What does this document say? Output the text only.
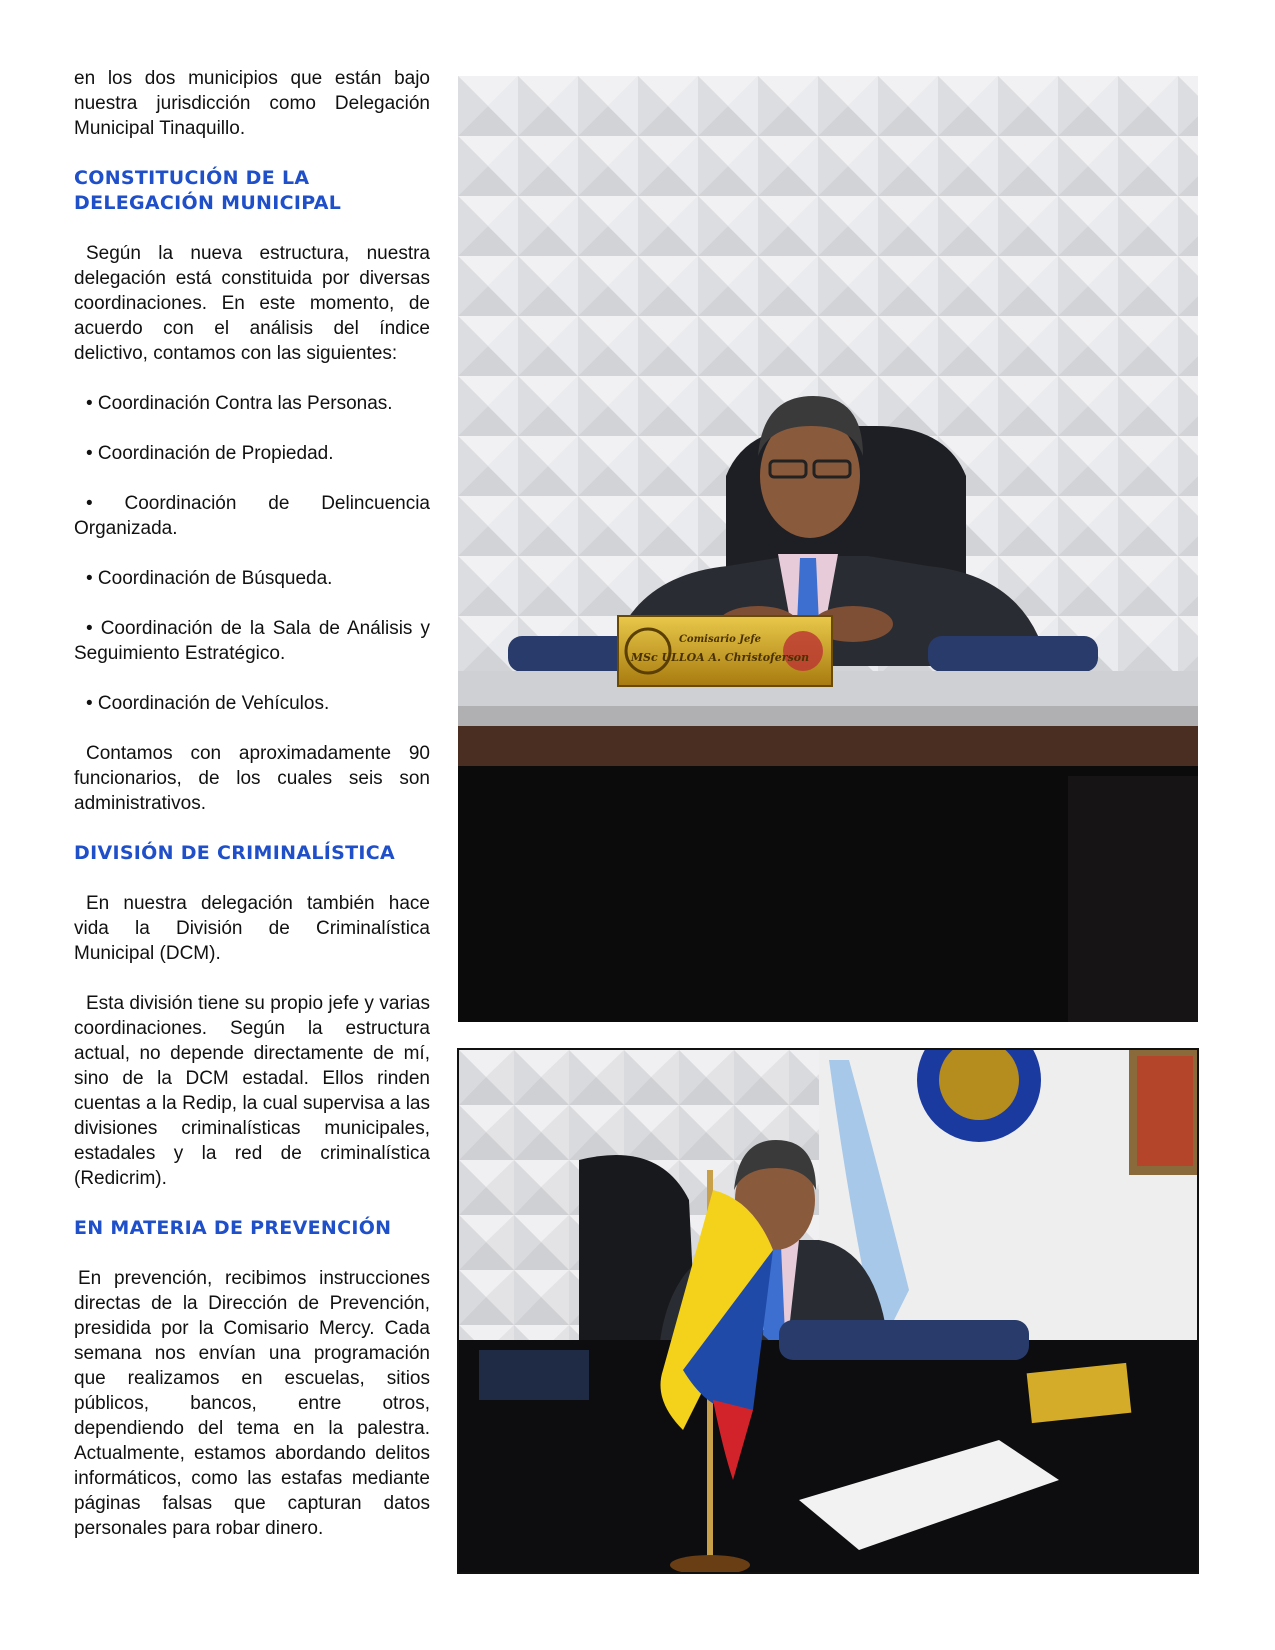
en los dos municipios que están bajo nuestra jurisdicción como Delegación Municipal Tinaquillo.

CONSTITUCIÓN DE LA

DELEGACIÓN MUNICIPAL

Según la nueva estructura, nuestra delegación está constituida por diversas coordinaciones. En este momento, de acuerdo con el análisis del índice delictivo, contamos con las siguientes:

• Coordinación Contra las Personas.

• Coordinación de Propiedad.

• Coordinación de Delincuencia Organizada.

• Coordinación de Búsqueda.

• Coordinación de la Sala de Análisis y Seguimiento Estratégico.

• Coordinación de Vehículos.

Contamos con aproximadamente 90 funcionarios, de los cuales seis son administrativos.

DIVISIÓN DE CRIMINALÍSTICA

En nuestra delegación también hace vida la División de Criminalística Municipal (DCM).

Esta división tiene su propio jefe y varias coordinaciones. Según la estructura actual, no depende directamente de mí, sino de la DCM estadal. Ellos rinden cuentas a la Redip, la cual supervisa a las divisiones criminalísticas municipales, estadales y la red de criminalística (Redicrim).

EN MATERIA DE PREVENCIÓN

En prevención, recibimos instrucciones directas de la Dirección de Prevención, presidida por la Comisario Mercy. Cada semana nos envían una programación que realizamos en escuelas, sitios públicos, bancos, entre otros, dependiendo del tema en la palestra. Actualmente, estamos abordando delitos informáticos, como las estafas mediante páginas falsas que capturan datos personales para robar dinero.

Comisario Jefe
MSc ULLOA A. Christoferson
